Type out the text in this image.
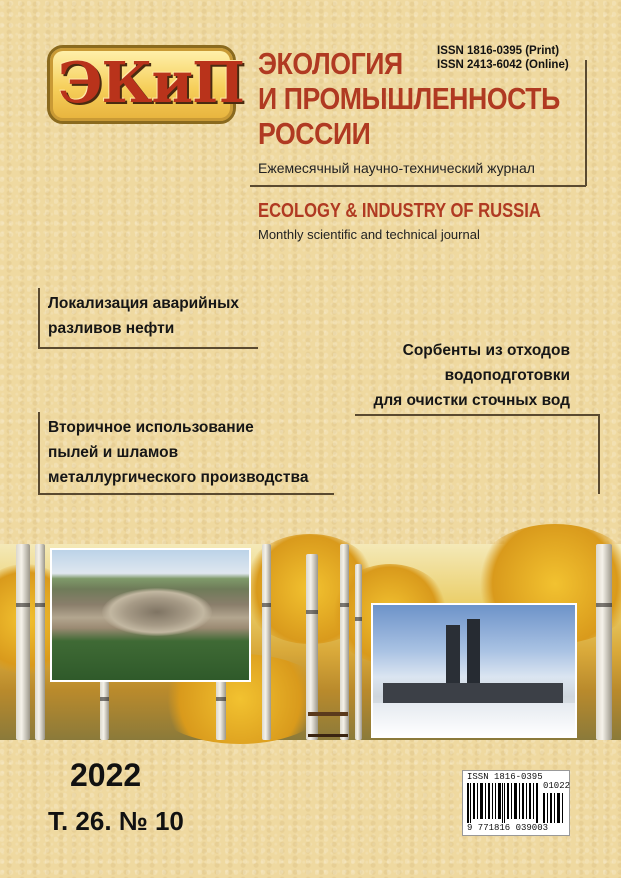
ЭКиП ЭКОЛОГИЯ
И ПРОМЫШЛЕННОСТЬ
РОССИИ
ISSN 1816-0395 (Print)
ISSN 2413-6042 (Online)
Ежемесячный научно-технический журнал
ECOLOGY & INDUSTRY OF RUSSIA
Monthly scientific and technical journal
Локализация аварийных
разливов нефти
Сорбенты из отходов
водоподготовки
для очистки сточных вод
Вторичное использование
пылей и шламов
металлургического производства
2022
Т. 26. № 10
ISSN 1816-0395
01022
9 771816 039003
